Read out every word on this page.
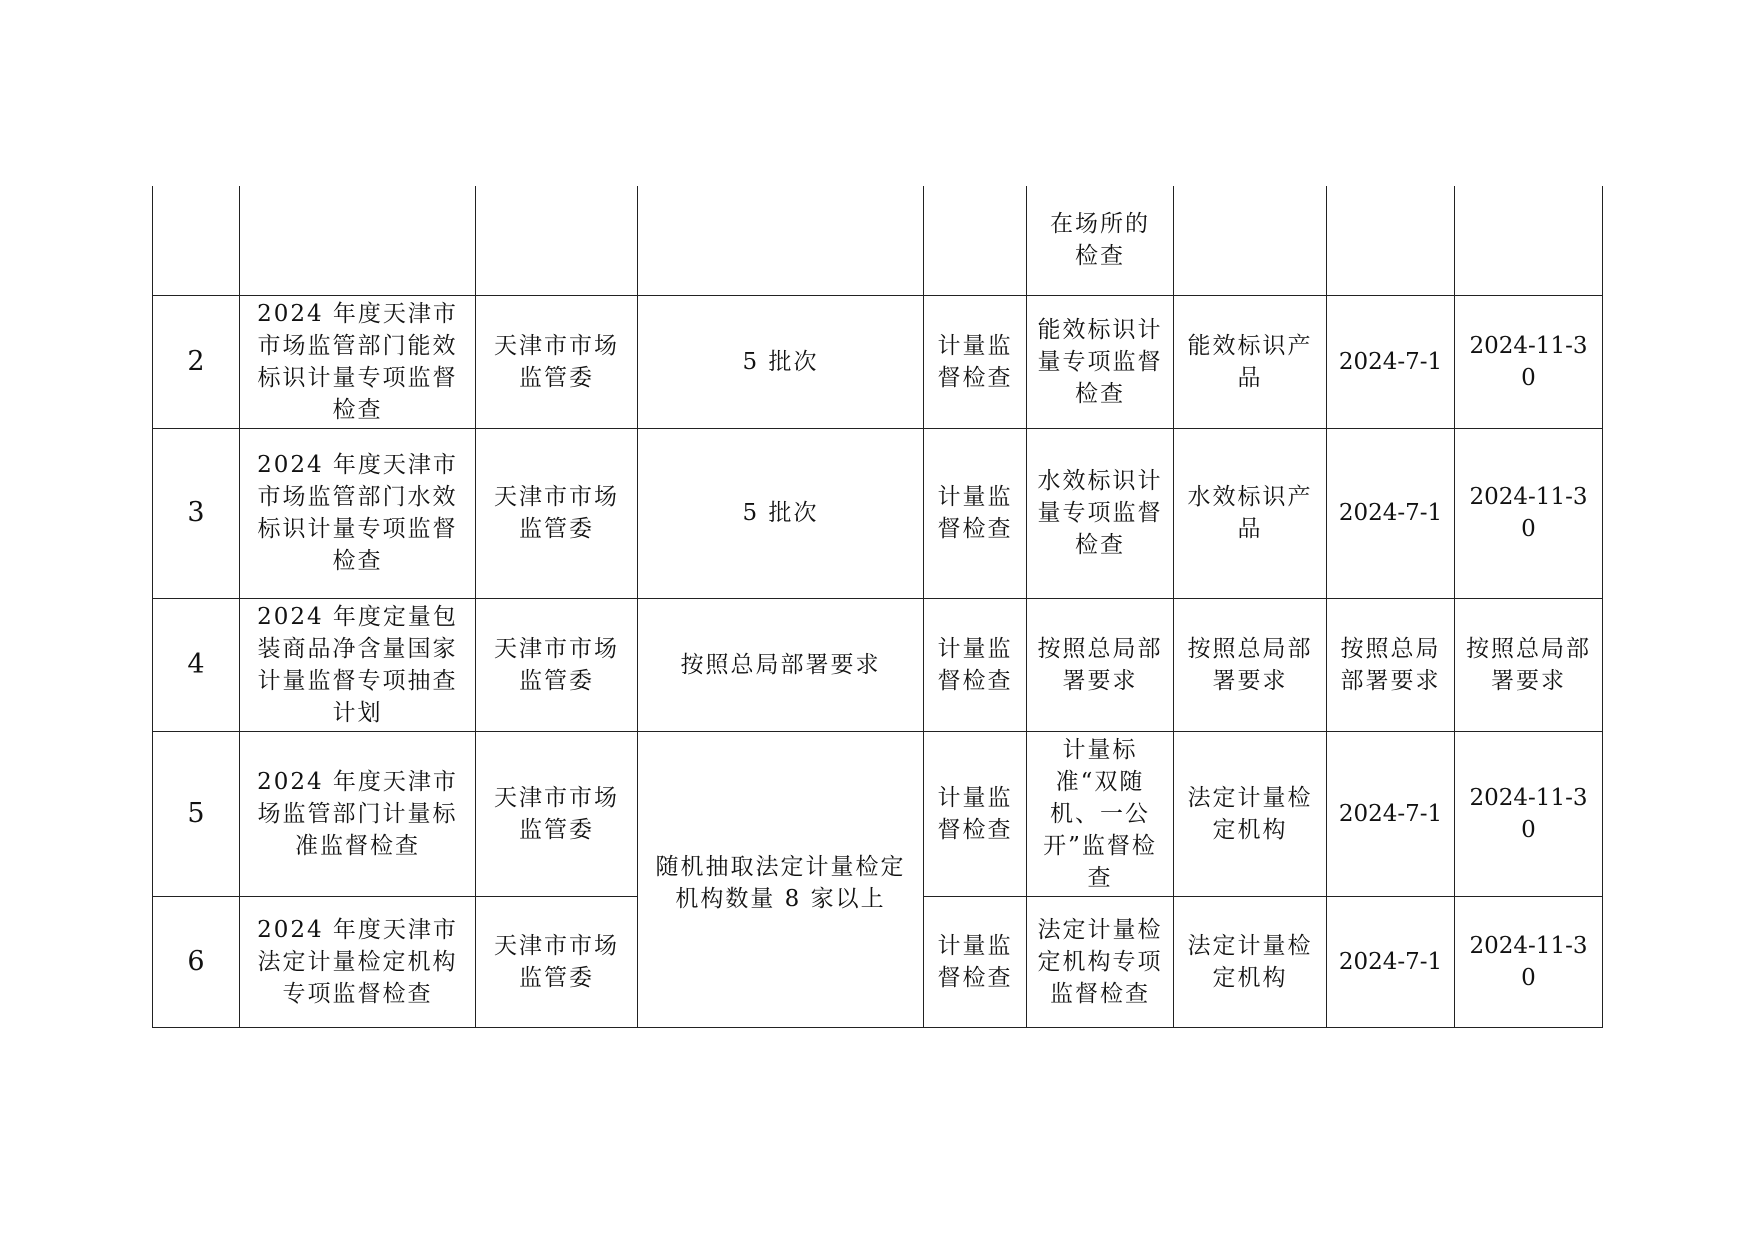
					在场所的
检查			
2	2024 年度天津市市场监管部门能效标识计量专项监督检查	天津市市场监管委	5 批次	计量监督检查	能效标识计量专项监督检查	能效标识产品	2024-7-1	2024-11-30
3	2024 年度天津市市场监管部门水效标识计量专项监督检查	天津市市场监管委	5 批次	计量监督检查	水效标识计量专项监督检查	水效标识产品	2024-7-1	2024-11-30
4	2024 年度定量包装商品净含量国家计量监督专项抽查计划	天津市市场监管委	按照总局部署要求	计量监督检查	按照总局部署要求	按照总局部署要求	按照总局部署要求	按照总局部署要求
5	2024 年度天津市场监管部门计量标准监督检查	天津市市场监管委	随机抽取法定计量检定机构数量 8 家以上	计量监督检查	计量标准“双随机、一公开”监督检查	法定计量检定机构	2024-7-1	2024-11-30
6	2024 年度天津市法定计量检定机构专项监督检查	天津市市场监管委		计量监督检查	法定计量检定机构专项监督检查	法定计量检定机构	2024-7-1	2024-11-30
